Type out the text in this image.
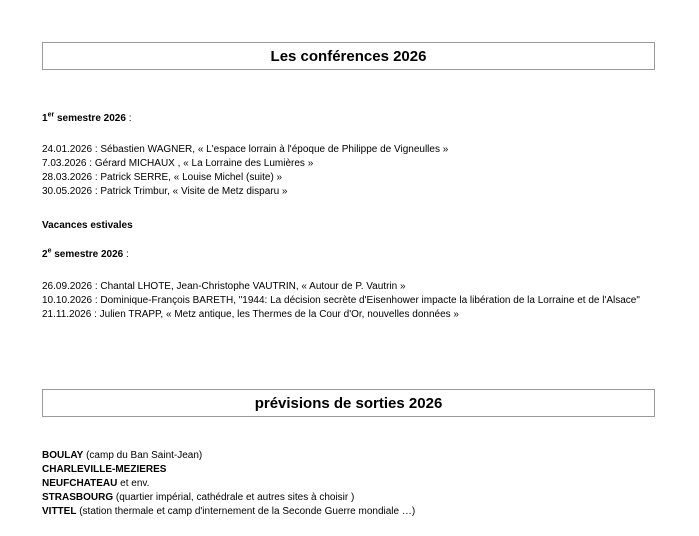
Les conférences 2026
1er semestre 2026 :
24.01.2026 : Sébastien WAGNER, « L'espace lorrain à l'époque de Philippe de Vigneulles »
7.03.2026 : Gérard MICHAUX , « La Lorraine des Lumières »
28.03.2026 : Patrick SERRE, « Louise Michel (suite) »
30.05.2026 : Patrick Trimbur, « Visite de Metz disparu »
Vacances estivales
2e semestre 2026 :
26.09.2026 : Chantal LHOTE, Jean-Christophe VAUTRIN, « Autour de P. Vautrin »
10.10.2026 : Dominique-François BARETH, "1944: La décision secrète d'Eisenhower impacte la libération de la Lorraine et de l'Alsace"
21.11.2026 : Julien TRAPP, « Metz antique, les Thermes de la Cour d'Or, nouvelles données »
prévisions de sorties 2026
BOULAY (camp du Ban Saint-Jean)
CHARLEVILLE-MEZIERES
NEUFCHATEAU et env.
STRASBOURG (quartier impérial, cathédrale et autres sites à choisir )
VITTEL (station thermale et camp d'internement de la Seconde Guerre mondiale …)
